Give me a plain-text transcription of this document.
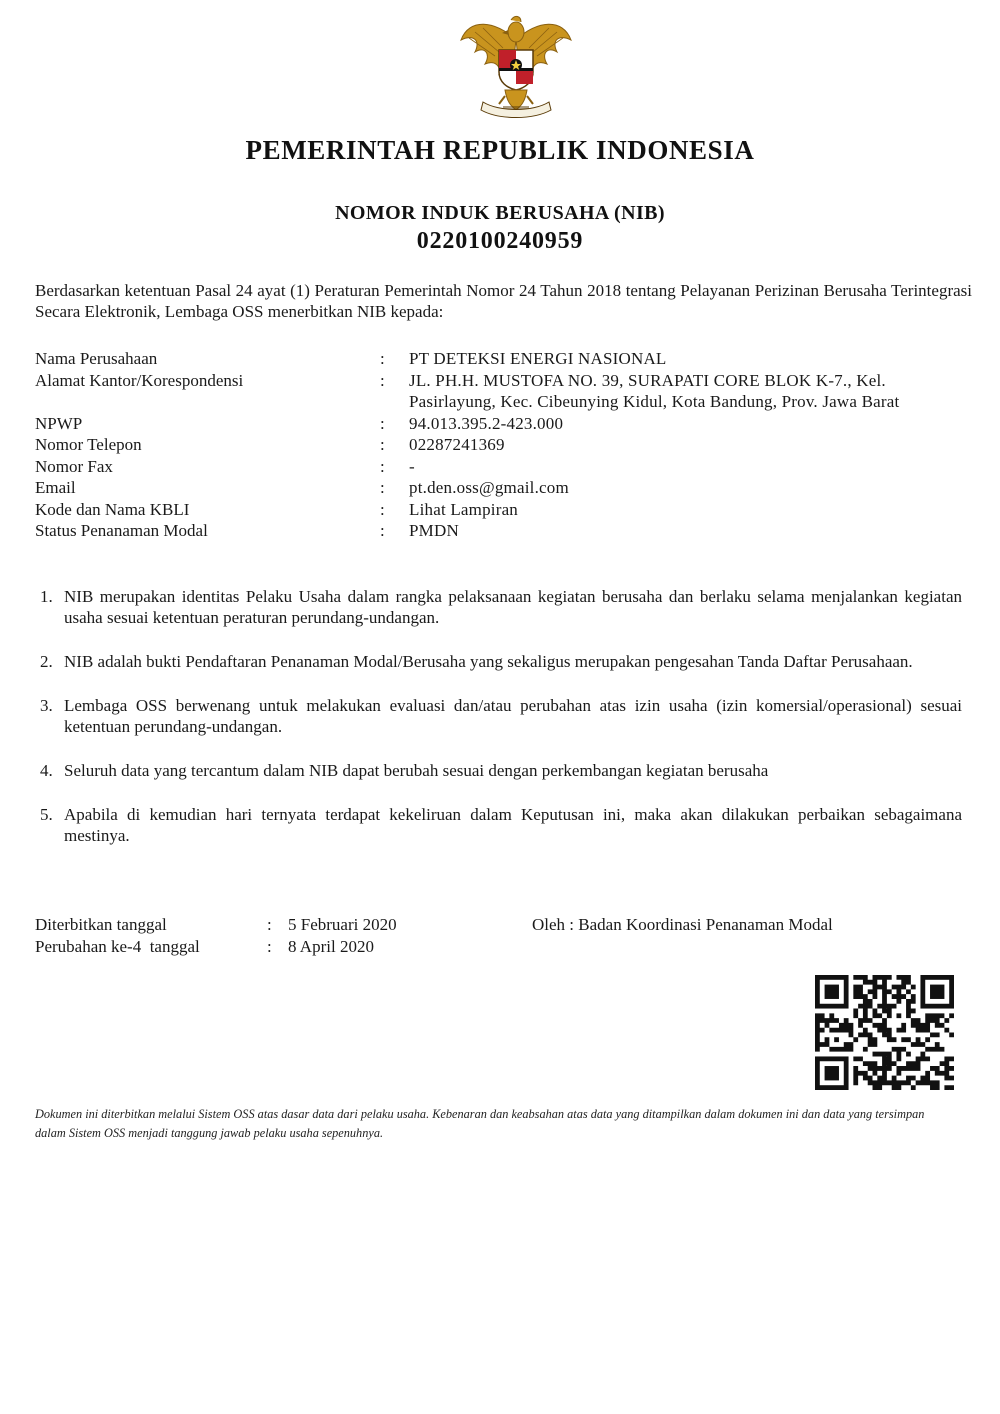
PEMERINTAH REPUBLIK INDONESIA
NOMOR INDUK BERUSAHA (NIB)
0220100240959
Berdasarkan ketentuan Pasal 24 ayat (1) Peraturan Pemerintah Nomor 24 Tahun 2018 tentang Pelayanan Perizinan Berusaha Terintegrasi Secara Elektronik, Lembaga OSS menerbitkan NIB kepada:
Nama Perusahaan	:	PT DETEKSI ENERGI NASIONAL
Alamat Kantor/Korespondensi	:	JL. PH.H. MUSTOFA NO. 39, SURAPATI CORE BLOK K-7., Kel. Pasirlayung, Kec. Cibeunying Kidul, Kota Bandung, Prov. Jawa Barat
NPWP	:	94.013.395.2-423.000
Nomor Telepon	:	02287241369
Nomor Fax	:	-
Email	:	pt.den.oss@gmail.com
Kode dan Nama KBLI	:	Lihat Lampiran
Status Penanaman Modal	:	PMDN
1. NIB merupakan identitas Pelaku Usaha dalam rangka pelaksanaan kegiatan berusaha dan berlaku selama menjalankan kegiatan usaha sesuai ketentuan peraturan perundang-undangan.
2. NIB adalah bukti Pendaftaran Penanaman Modal/Berusaha yang sekaligus merupakan pengesahan Tanda Daftar Perusahaan.
3. Lembaga OSS berwenang untuk melakukan evaluasi dan/atau perubahan atas izin usaha (izin komersial/operasional) sesuai ketentuan perundang-undangan.
4. Seluruh data yang tercantum dalam NIB dapat berubah sesuai dengan perkembangan kegiatan berusaha
5. Apabila di kemudian hari ternyata terdapat kekeliruan dalam Keputusan ini, maka akan dilakukan perbaikan sebagaimana mestinya.
Diterbitkan tanggal	: 5 Februari 2020
Perubahan ke-4  tanggal	: 8 April 2020
Oleh : Badan Koordinasi Penanaman Modal
Dokumen ini diterbitkan melalui Sistem OSS atas dasar data dari pelaku usaha. Kebenaran dan keabsahan atas data yang ditampilkan dalam dokumen ini dan data yang tersimpan dalam Sistem OSS menjadi tanggung jawab pelaku usaha sepenuhnya.
